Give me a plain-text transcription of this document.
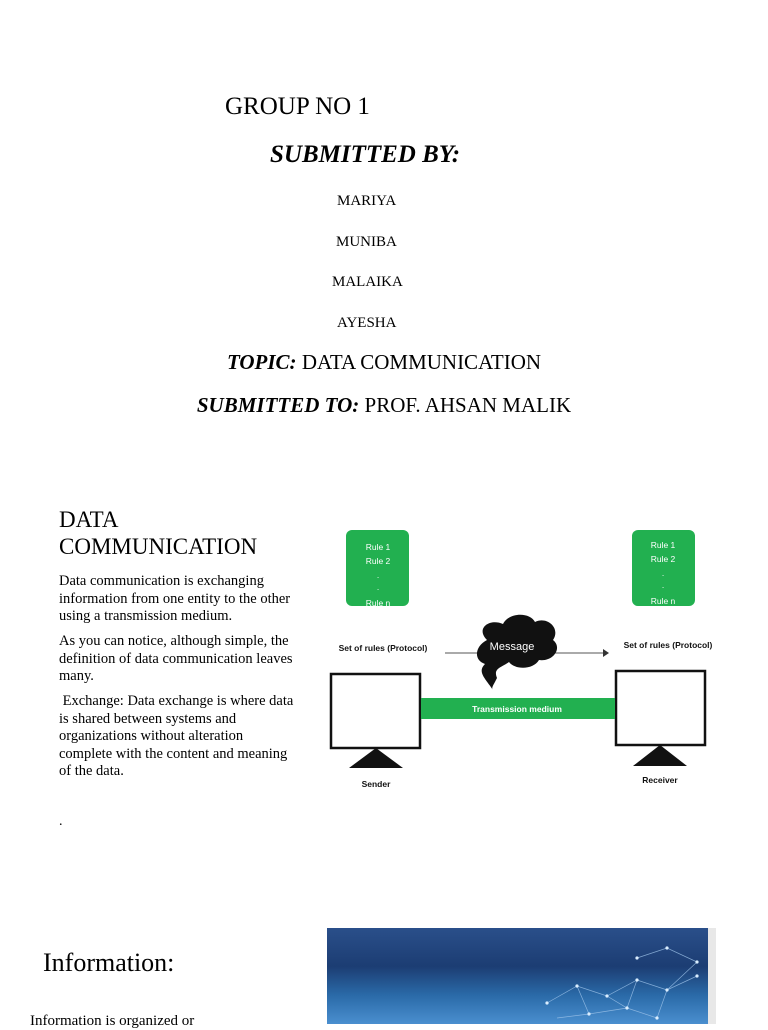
GROUP NO 1
SUBMITTED BY:
MARIYA
MUNIBA
MALAIKA
AYESHA
TOPIC: DATA COMMUNICATION
SUBMITTED TO: PROF. AHSAN MALIK
DATA
COMMUNICATION
Data communication is exchanging information from one entity to the other using a transmission medium.
As you can notice, although simple, the definition of data communication leaves many.
Exchange: Data exchange is where data is shared between systems and organizations without alteration complete with the content and meaning of the data.
.
Rule 1
Rule 2
.
.
Rule n
Rule 1
Rule 2
.
.
Rule n
Set of rules (Protocol)	Set of rules (Protocol)
Message
Sender	Receiver
Transmission medium
Information:
Information is organized or
